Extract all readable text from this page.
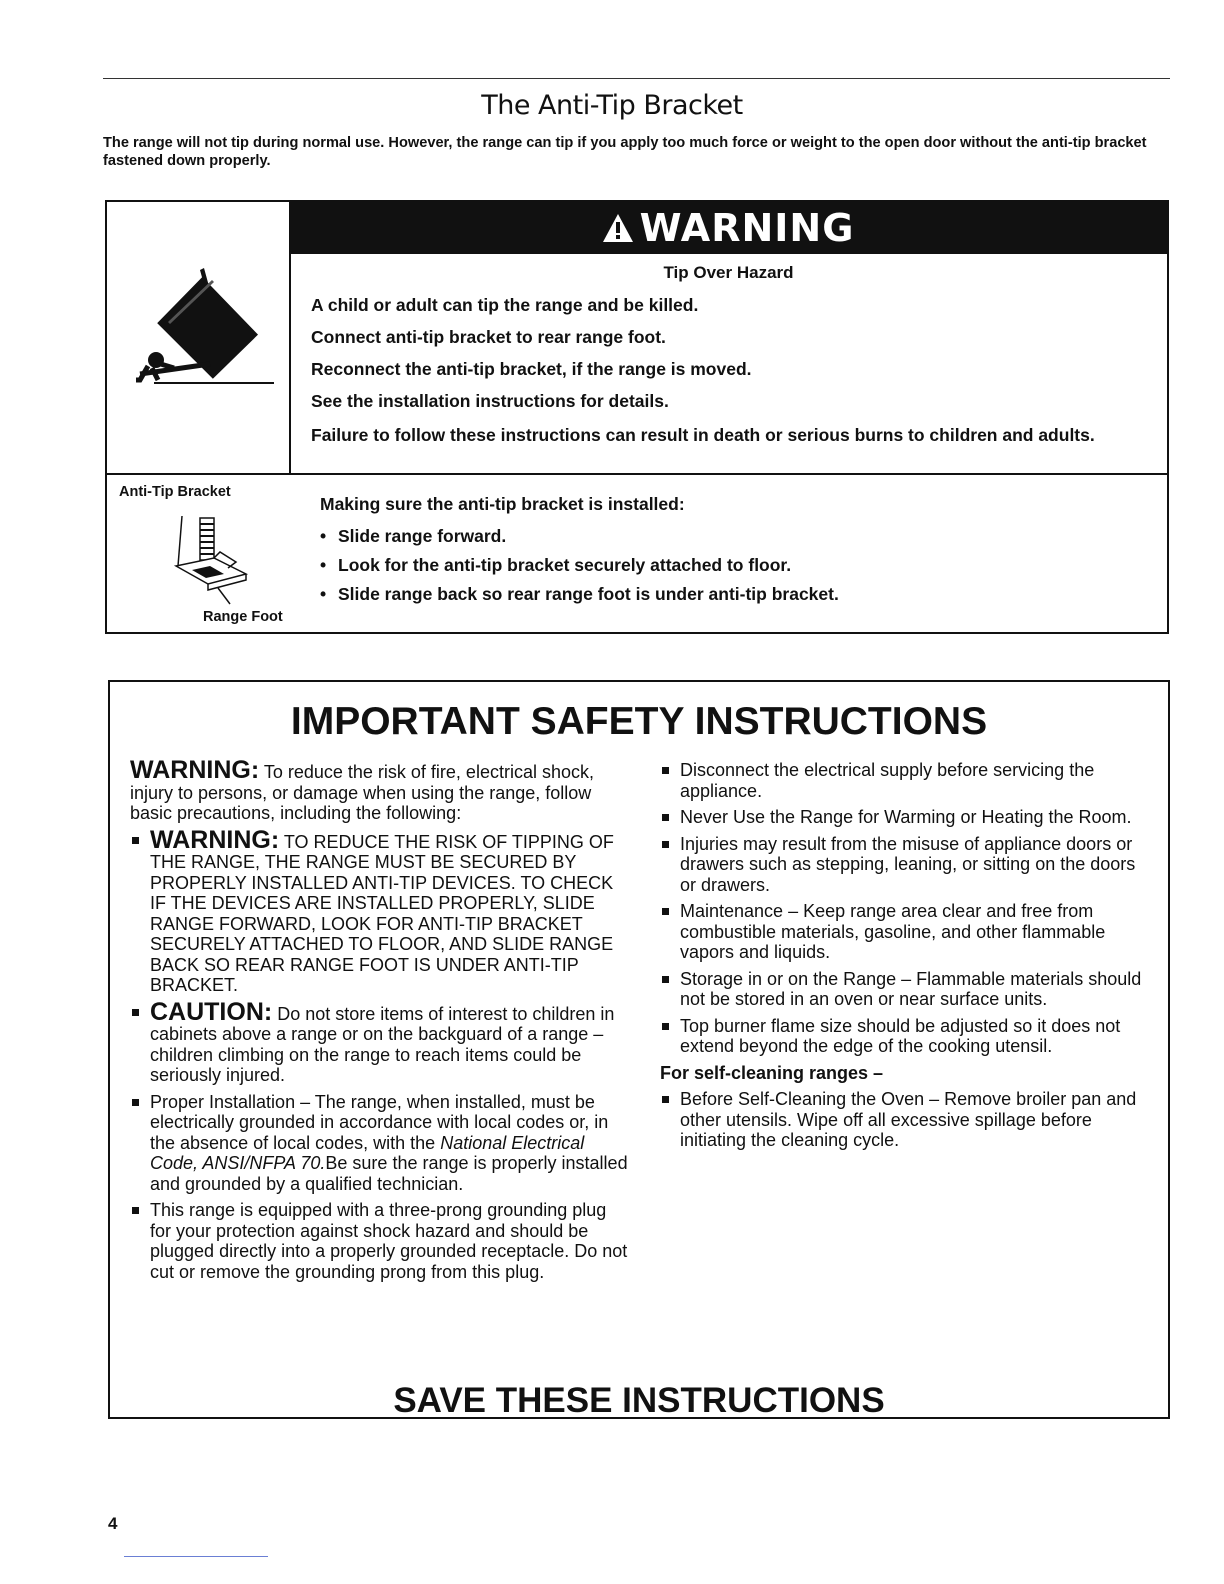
The Anti-Tip Bracket
The range will not tip during normal use. However, the range can tip if you apply too much force or weight to the open door without the anti-tip bracket fastened down properly.
WARNING
Tip Over Hazard
A child or adult can tip the range and be killed.
Connect anti-tip bracket to rear range foot.
Reconnect the anti-tip bracket, if the range is moved.
See the installation instructions for details.
Failure to follow these instructions can result in death or serious burns to children and adults.
Anti-Tip Bracket
Range Foot
Making sure the anti-tip bracket is installed:
• Slide range forward.
• Look for the anti-tip bracket securely attached to floor.
• Slide range back so rear range foot is under anti-tip bracket.
IMPORTANT SAFETY INSTRUCTIONS
WARNING: To reduce the risk of fire, electrical shock, injury to persons, or damage when using the range, follow basic precautions, including the following:
WARNING: TO REDUCE THE RISK OF TIPPING OF THE RANGE, THE RANGE MUST BE SECURED BY PROPERLY INSTALLED ANTI-TIP DEVICES. TO CHECK IF THE DEVICES ARE INSTALLED PROPERLY, SLIDE RANGE FORWARD, LOOK FOR ANTI-TIP BRACKET SECURELY ATTACHED TO FLOOR, AND SLIDE RANGE BACK SO REAR RANGE FOOT IS UNDER ANTI-TIP BRACKET.
CAUTION: Do not store items of interest to children in cabinets above a range or on the backguard of a range – children climbing on the range to reach items could be seriously injured.
Proper Installation – The range, when installed, must be electrically grounded in accordance with local codes or, in the absence of local codes, with the National Electrical Code, ANSI/NFPA 70.Be sure the range is properly installed and grounded by a qualified technician.
This range is equipped with a three-prong grounding plug for your protection against shock hazard and should be plugged directly into a properly grounded receptacle. Do not cut or remove the grounding prong from this plug.
Disconnect the electrical supply before servicing the appliance.
Never Use the Range for Warming or Heating the Room.
Injuries may result from the misuse of appliance doors or drawers such as stepping, leaning, or sitting on the doors or drawers.
Maintenance – Keep range area clear and free from combustible materials, gasoline, and other flammable vapors and liquids.
Storage in or on the Range – Flammable materials should not be stored in an oven or near surface units.
Top burner flame size should be adjusted so it does not extend beyond the edge of the cooking utensil.
For self-cleaning ranges –
Before Self-Cleaning the Oven – Remove broiler pan and other utensils. Wipe off all excessive spillage before initiating the cleaning cycle.
SAVE THESE INSTRUCTIONS
4
